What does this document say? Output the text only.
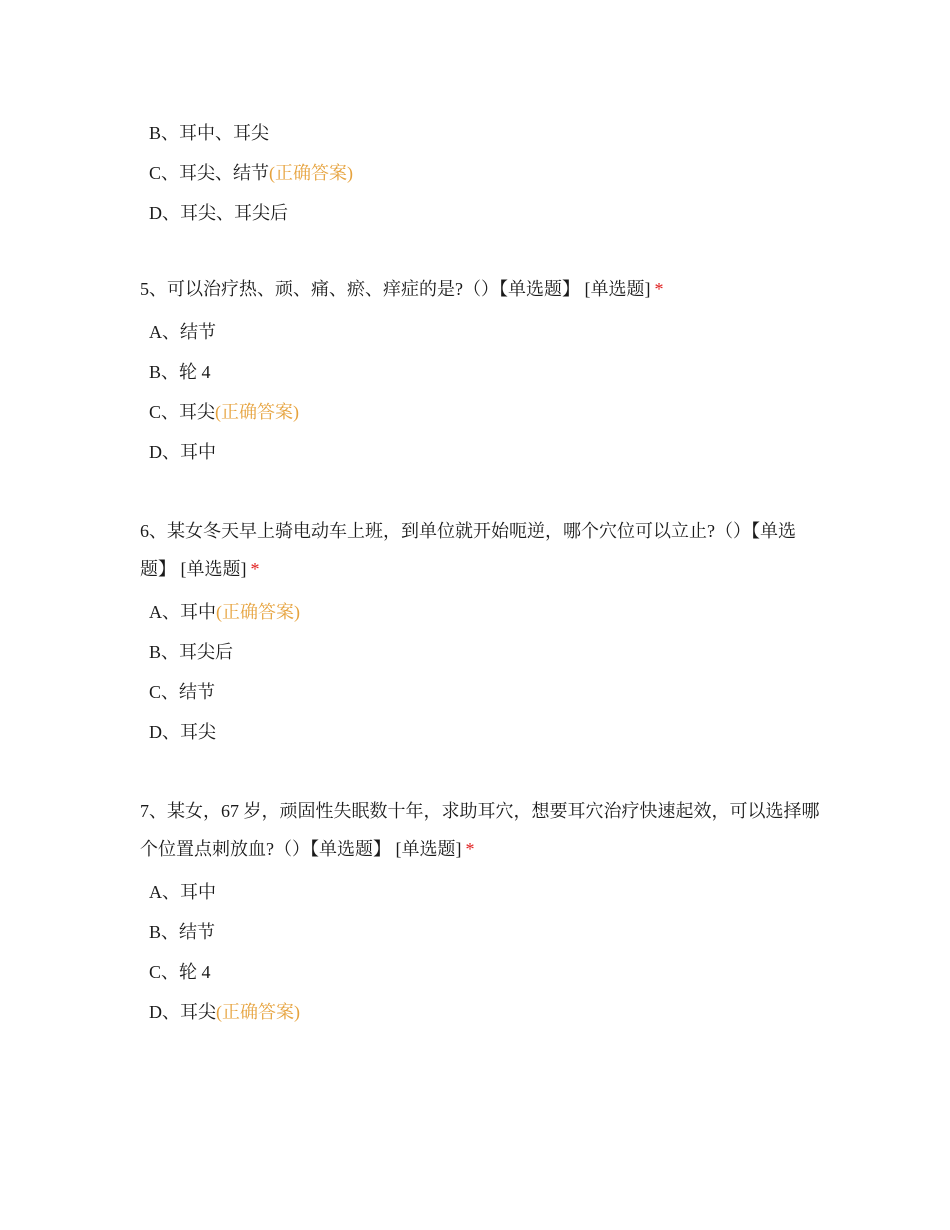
B、耳中、耳尖
C、耳尖、结节(正确答案)
D、耳尖、耳尖后
5、可以治疗热、顽、痛、瘀、痒症的是?（）【单选题】 [单选题] *
A、结节
B、轮 4
C、耳尖(正确答案)
D、耳中
6、某女冬天早上骑电动车上班，到单位就开始呃逆，哪个穴位可以立止?（）【单选题】 [单选题] *
A、耳中(正确答案)
B、耳尖后
C、结节
D、耳尖
7、某女，67 岁，顽固性失眠数十年，求助耳穴，想要耳穴治疗快速起效，可以选择哪个位置点刺放血?（）【单选题】 [单选题] *
A、耳中
B、结节
C、轮 4
D、耳尖(正确答案)
